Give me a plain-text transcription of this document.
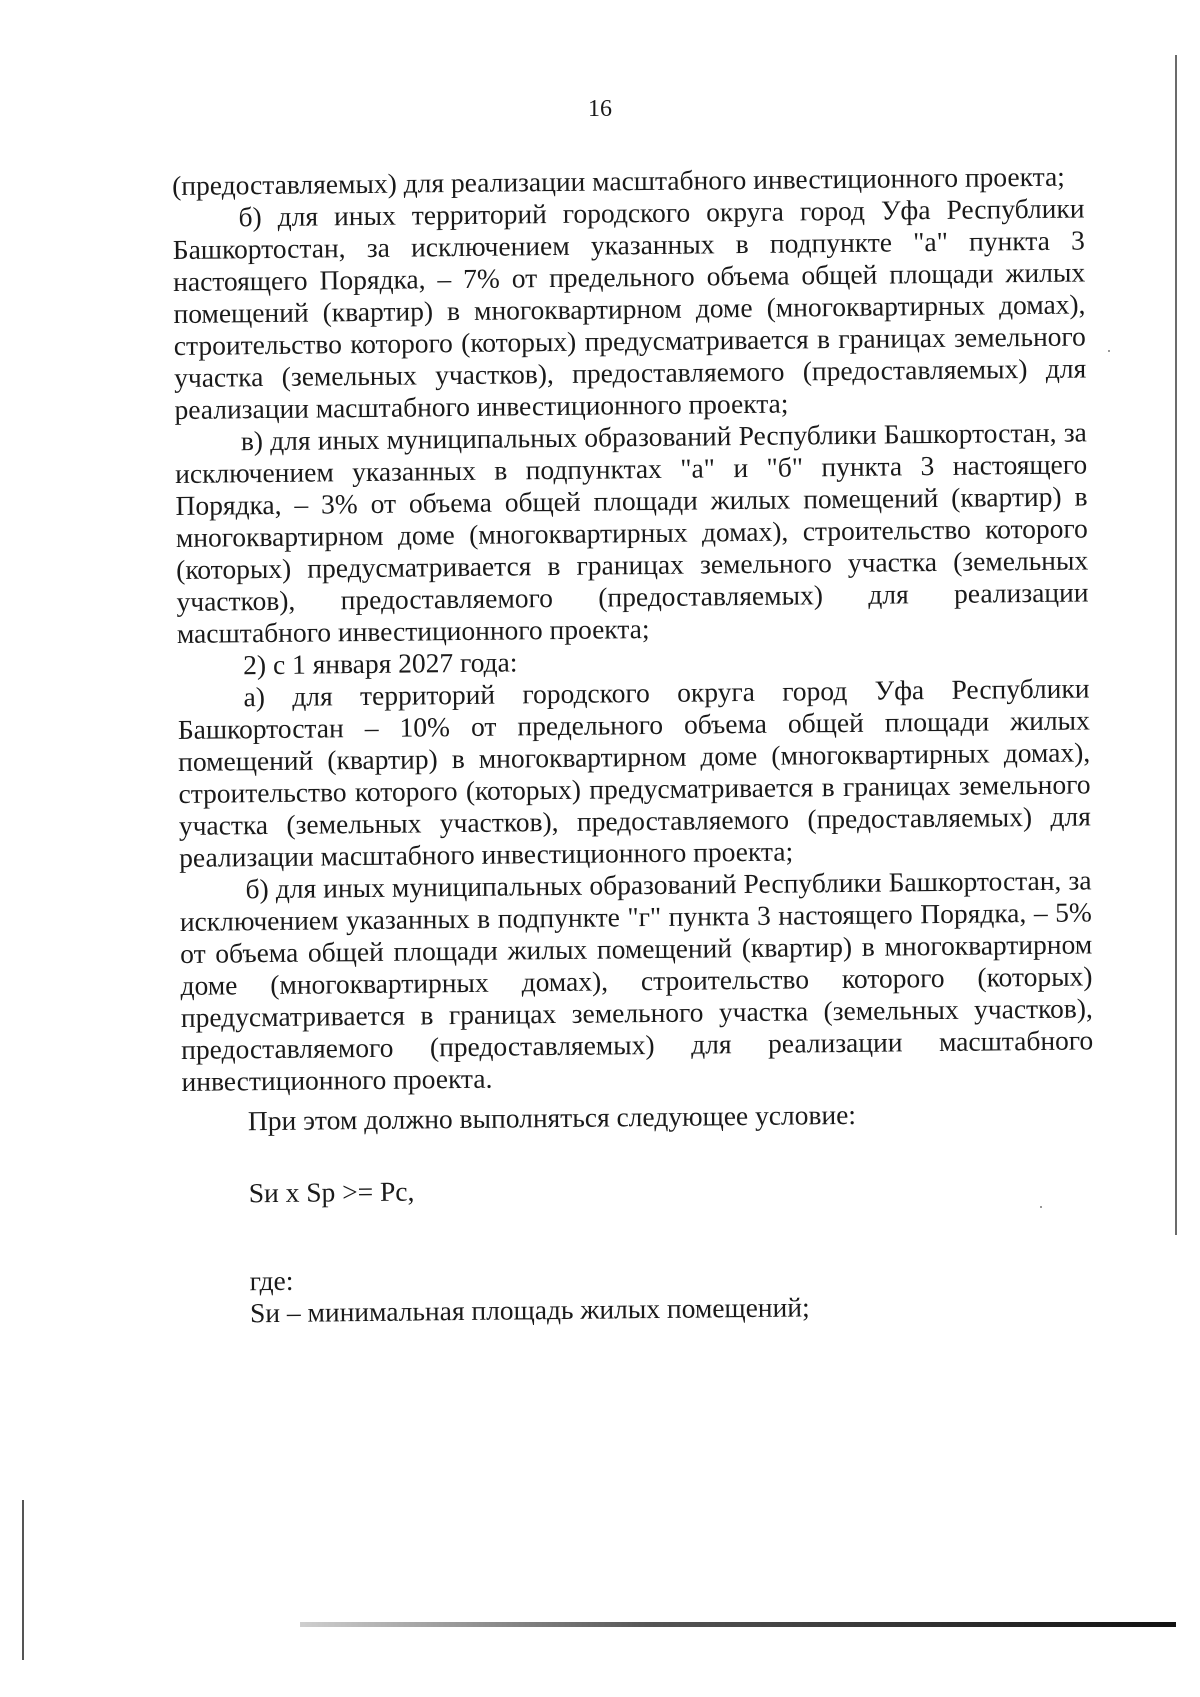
16

(предоставляемых) для реализации масштабного инвестиционного проекта;

б) для иных территорий городского округа город Уфа Республики Башкортостан, за исключением указанных в подпункте "а" пункта 3 настоящего Порядка, – 7% от предельного объема общей площади жилых помещений (квартир) в многоквартирном доме (многоквартирных домах), строительство которого (которых) предусматривается в границах земельного участка (земельных участков), предоставляемого (предоставляемых) для реализации масштабного инвестиционного проекта;

в) для иных муниципальных образований Республики Башкортостан, за исключением указанных в подпунктах "а" и "б" пункта 3 настоящего Порядка, – 3% от объема общей площади жилых помещений (квартир) в многоквартирном доме (многоквартирных домах), строительство которого (которых) предусматривается в границах земельного участка (земельных участков), предоставляемого (предоставляемых) для реализации масштабного инвестиционного проекта;

2) с 1 января 2027 года:

а) для территорий городского округа город Уфа Республики Башкортостан – 10% от предельного объема общей площади жилых помещений (квартир) в многоквартирном доме (многоквартирных домах), строительство которого (которых) предусматривается в границах земельного участка (земельных участков), предоставляемого (предоставляемых) для реализации масштабного инвестиционного проекта;

б) для иных муниципальных образований Республики Башкортостан, за исключением указанных в подпункте "г" пункта 3 настоящего Порядка, – 5% от объема общей площади жилых помещений (квартир) в многоквартирном доме (многоквартирных домах), строительство которого (которых) предусматривается в границах земельного участка (земельных участков), предоставляемого (предоставляемых) для реализации масштабного инвестиционного проекта.

При этом должно выполняться следующее условие:

Sи x Sp >= Pc,

где:

Sи – минимальная площадь жилых помещений;
